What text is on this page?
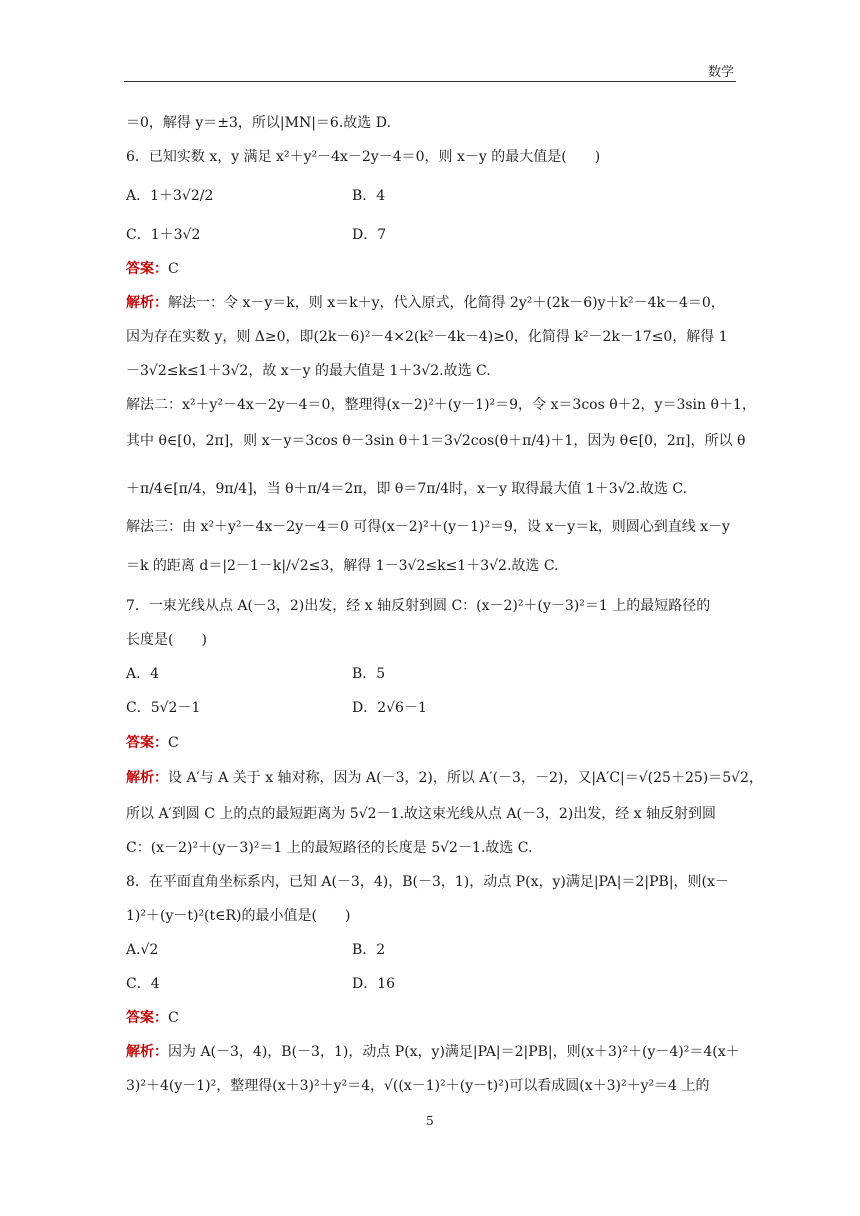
数学
＝0，解得 y＝±3，所以|MN|＝6.故选 D.
6．已知实数 x，y 满足 x²＋y²－4x－2y－4＝0，则 x－y 的最大值是(　　)
答案：C
解析：解法一：令 x－y＝k，则 x＝k＋y，代入原式，化简得 2y²＋(2k－6)y＋k²－4k－4＝0，
因为存在实数 y，则 Δ≥0，即(2k－6)²－4×2(k²－4k－4)≥0，化简得 k²－2k－17≤0，解得 1
－3√2≤k≤1＋3√2，故 x－y 的最大值是 1＋3√2.故选 C.
解法二：x²＋y²－4x－2y－4＝0，整理得(x－2)²＋(y－1)²＝9，令 x＝3cos θ＋2，y＝3sin θ＋1，
其中 θ∈[0，2π]，则 x－y＝3cos θ－3sin θ＋1＝3√2cos(θ＋π/4)＋1，因为 θ∈[0，2π]，所以 θ
＋π/4∈[π/4，9π/4]，当 θ＋π/4＝2π，即 θ＝7π/4时，x－y 取得最大值 1＋3√2.故选 C.
解法三：由 x²＋y²－4x－2y－4＝0 可得(x－2)²＋(y－1)²＝9，设 x－y＝k，则圆心到直线 x－y
＝k 的距离 d＝|2－1－k|/√2≤3，解得 1－3√2≤k≤1＋3√2.故选 C.
7．一束光线从点 A(－3，2)出发，经 x 轴反射到圆 C：(x－2)²＋(y－3)²＝1 上的最短路径的
长度是(　　)
答案：C
解析：设 A′与 A 关于 x 轴对称，因为 A(－3，2)，所以 A′(－3，－2)，又|A′C|＝√(25＋25)＝5√2，
所以 A′到圆 C 上的点的最短距离为 5√2－1.故这束光线从点 A(－3，2)出发，经 x 轴反射到圆
C：(x－2)²＋(y－3)²＝1 上的最短路径的长度是 5√2－1.故选 C.
8．在平面直角坐标系内，已知 A(－3，4)，B(－3，1)，动点 P(x，y)满足|PA|＝2|PB|，则(x－
1)²＋(y－t)²(t∈R)的最小值是(　　)
答案：C
解析：因为 A(－3，4)，B(－3，1)，动点 P(x，y)满足|PA|＝2|PB|，则(x＋3)²＋(y－4)²＝4(x＋
3)²＋4(y－1)²，整理得(x＋3)²＋y²＝4，√((x－1)²＋(y－t)²)可以看成圆(x＋3)²＋y²＝4 上的
A．1＋3√2/2	B．4
C．1＋3√2	D．7
A．4	B．5
C．5√2－1	D．2√6－1
A.√2	B．2
C．4	D．16
5
